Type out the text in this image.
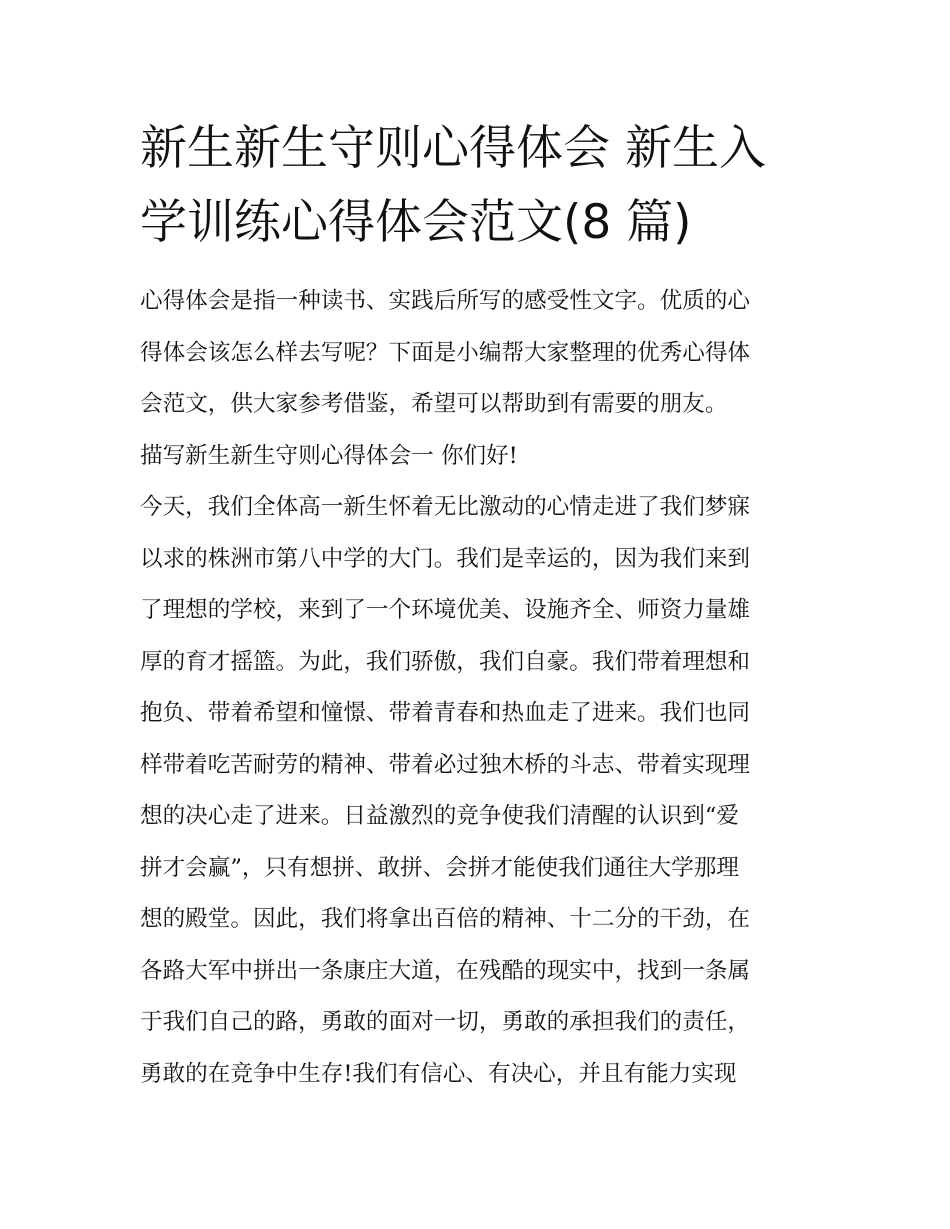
新生新生守则心得体会 新生入
学训练心得体会范文(8 篇)
心得体会是指一种读书、实践后所写的感受性文字。优质的心
得体会该怎么样去写呢？下面是小编帮大家整理的优秀心得体
会范文，供大家参考借鉴，希望可以帮助到有需要的朋友。
描写新生新生守则心得体会一 你们好!
今天，我们全体高一新生怀着无比激动的心情走进了我们梦寐
以求的株洲市第八中学的大门。我们是幸运的，因为我们来到
了理想的学校，来到了一个环境优美、设施齐全、师资力量雄
厚的育才摇篮。为此，我们骄傲，我们自豪。我们带着理想和
抱负、带着希望和憧憬、带着青春和热血走了进来。我们也同
样带着吃苦耐劳的精神、带着必过独木桥的斗志、带着实现理
想的决心走了进来。日益激烈的竞争使我们清醒的认识到“爱
拼才会赢”，只有想拼、敢拼、会拼才能使我们通往大学那理
想的殿堂。因此，我们将拿出百倍的精神、十二分的干劲，在
各路大军中拼出一条康庄大道，在残酷的现实中，找到一条属
于我们自己的路，勇敢的面对一切，勇敢的承担我们的责任，
勇敢的在竞争中生存!我们有信心、有决心，并且有能力实现
